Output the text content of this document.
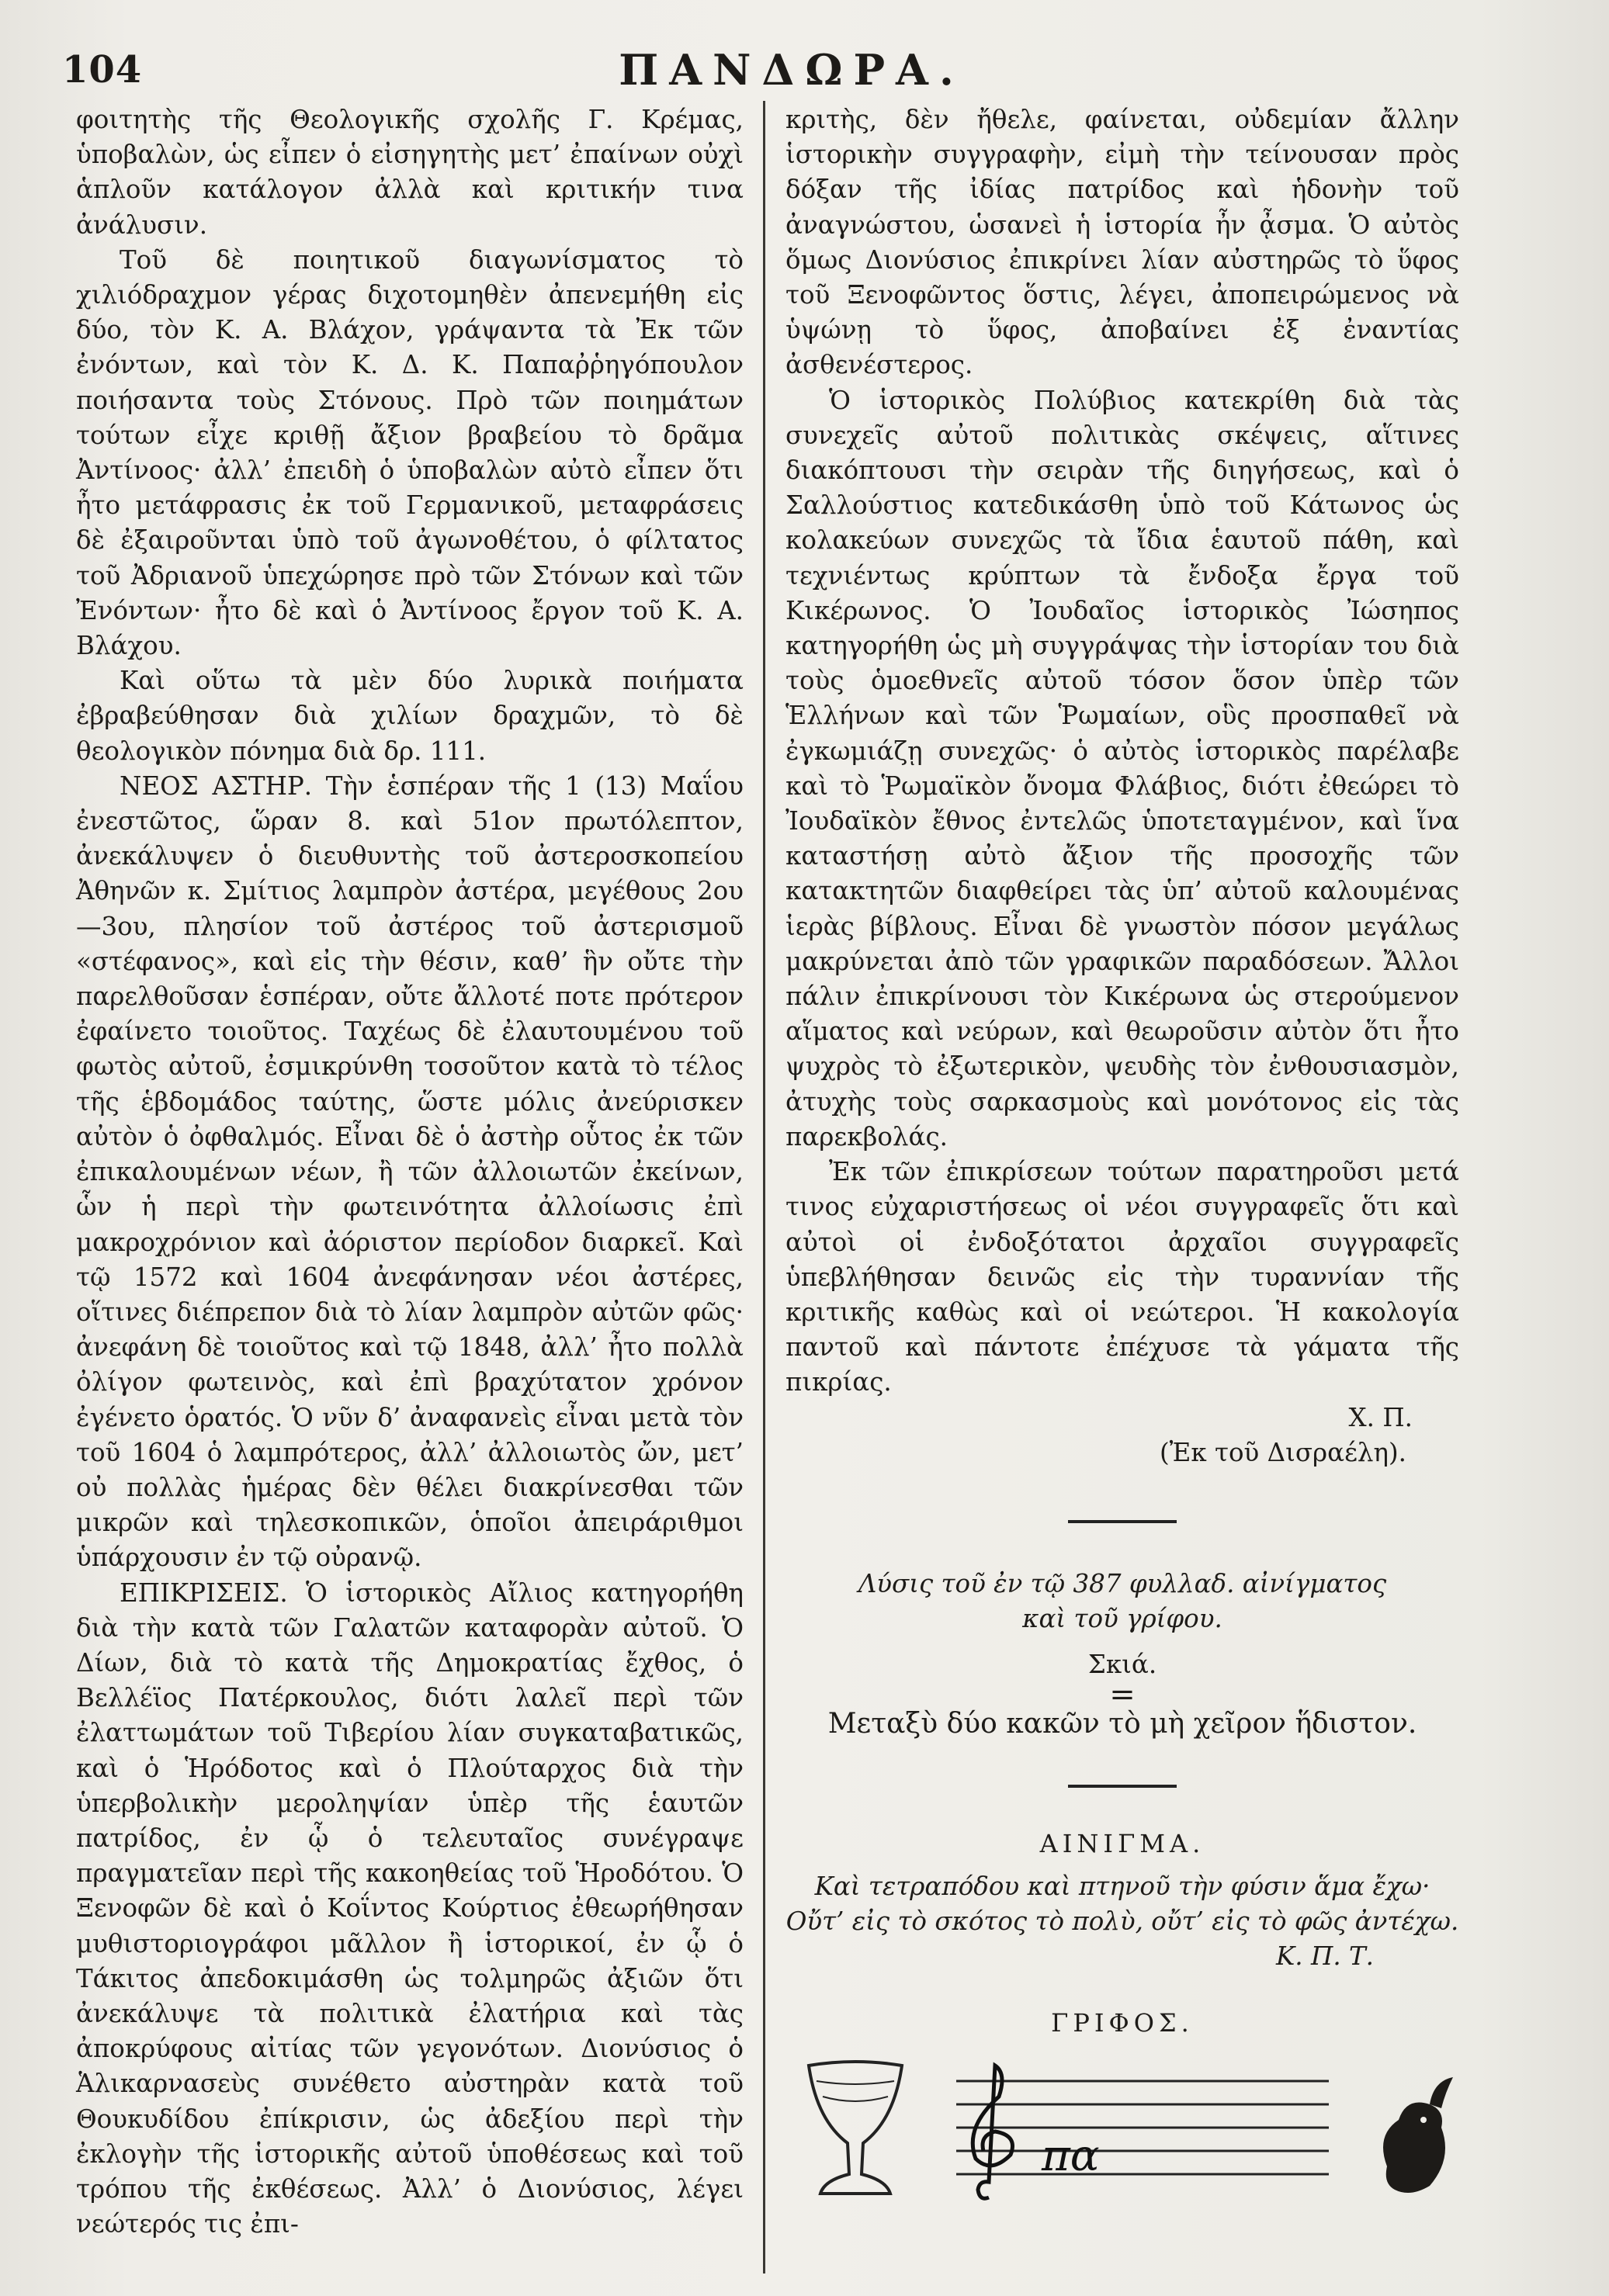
104	ΠΑΝΔΩΡΑ.

φοιτητὴς τῆς Θεολογικῆς σχολῆς Γ. Κρέμας, ὑποβαλὼν, ὡς εἶπεν ὁ εἰσηγητὴς μετ’ ἐπαίνων οὐχὶ ἁπλοῦν κατάλογον ἀλλὰ καὶ κριτικήν τινα ἀνάλυσιν.

Τοῦ δὲ ποιητικοῦ διαγωνίσματος τὸ χιλιόδραχμον γέρας διχοτομηθὲν ἀπενεμήθη εἰς δύο, τὸν Κ. Α. Βλάχον, γράψαντα τὰ Ἐκ τῶν ἐνόντων, καὶ τὸν Κ. Δ. Κ. Παπαῤῥηγόπουλον ποιήσαντα τοὺς Στόνους. Πρὸ τῶν ποιημάτων τούτων εἶχε κριθῇ ἄξιον βραβείου τὸ δρᾶμα Ἀντίνοος· ἀλλ’ ἐπειδὴ ὁ ὑποβαλὼν αὐτὸ εἶπεν ὅτι ἦτο μετάφρασις ἐκ τοῦ Γερμανικοῦ, μεταφράσεις δὲ ἐξαιροῦνται ὑπὸ τοῦ ἀγωνοθέτου, ὁ φίλτατος τοῦ Ἀδριανοῦ ὑπεχώρησε πρὸ τῶν Στόνων καὶ τῶν Ἐνόντων· ἦτο δὲ καὶ ὁ Ἀντίνοος ἔργον τοῦ Κ. Α. Βλάχου.

Καὶ οὕτω τὰ μὲν δύο λυρικὰ ποιήματα ἐβραβεύθησαν διὰ χιλίων δραχμῶν, τὸ δὲ θεολογικὸν πόνημα διὰ δρ. 111.

ΝΕΟΣ ΑΣΤΗΡ. Τὴν ἑσπέραν τῆς 1 (13) Μαΐου ἐνεστῶτος, ὥραν 8. καὶ 51ον πρωτόλεπτον, ἀνεκάλυψεν ὁ διευθυντὴς τοῦ ἀστεροσκοπείου Ἀθηνῶν κ. Σμίτιος λαμπρὸν ἀστέρα, μεγέθους 2ου—3ου, πλησίον τοῦ ἀστέρος τοῦ ἀστερισμοῦ «στέφανος», καὶ εἰς τὴν θέσιν, καθ’ ἣν οὔτε τὴν παρελθοῦσαν ἑσπέραν, οὔτε ἄλλοτέ ποτε πρότερον ἐφαίνετο τοιοῦτος. Ταχέως δὲ ἐλαυτουμένου τοῦ φωτὸς αὐτοῦ, ἐσμικρύνθη τοσοῦτον κατὰ τὸ τέλος τῆς ἑβδομάδος ταύτης, ὥστε μόλις ἀνεύρισκεν αὐτὸν ὁ ὀφθαλμός. Εἶναι δὲ ὁ ἀστὴρ οὗτος ἐκ τῶν ἐπικαλουμένων νέων, ἢ τῶν ἀλλοιωτῶν ἐκείνων, ὧν ἡ περὶ τὴν φωτεινότητα ἀλλοίωσις ἐπὶ μακροχρόνιον καὶ ἀόριστον περίοδον διαρκεῖ. Καὶ τῷ 1572 καὶ 1604 ἀνεφάνησαν νέοι ἀστέρες, οἵτινες διέπρεπον διὰ τὸ λίαν λαμπρὸν αὐτῶν φῶς· ἀνεφάνη δὲ τοιοῦτος καὶ τῷ 1848, ἀλλ’ ἦτο πολλὰ ὀλίγον φωτεινὸς, καὶ ἐπὶ βραχύτατον χρόνον ἐγένετο ὁρατός. Ὁ νῦν δ’ ἀναφανεὶς εἶναι μετὰ τὸν τοῦ 1604 ὁ λαμπρότερος, ἀλλ’ ἀλλοιωτὸς ὤν, μετ’ οὐ πολλὰς ἡμέρας δὲν θέλει διακρίνεσθαι τῶν μικρῶν καὶ τηλεσκοπικῶν, ὁποῖοι ἀπειράριθμοι ὑπάρχουσιν ἐν τῷ οὐρανῷ.

ΕΠΙΚΡΙΣΕΙΣ. Ὁ ἱστορικὸς Αἴλιος κατηγορήθη διὰ τὴν κατὰ τῶν Γαλατῶν καταφορὰν αὐτοῦ. Ὁ Δίων, διὰ τὸ κατὰ τῆς Δημοκρατίας ἔχθος, ὁ Βελλέϊος Πατέρκουλος, διότι λαλεῖ περὶ τῶν ἐλαττωμάτων τοῦ Τιβερίου λίαν συγκαταβατικῶς, καὶ ὁ Ἡρόδοτος καὶ ὁ Πλούταρχος διὰ τὴν ὑπερβολικὴν μεροληψίαν ὑπὲρ τῆς ἑαυτῶν πατρίδος, ἐν ᾧ ὁ τελευταῖος συνέγραψε πραγματεῖαν περὶ τῆς κακοηθείας τοῦ Ἡροδότου. Ὁ Ξενοφῶν δὲ καὶ ὁ Κοΐντος Κούρτιος ἐθεωρήθησαν μυθιστοριογράφοι μᾶλλον ἢ ἱστορικοί, ἐν ᾧ ὁ Τάκιτος ἀπεδοκιμάσθη ὡς τολμηρῶς ἀξιῶν ὅτι ἀνεκάλυψε τὰ πολιτικὰ ἐλατήρια καὶ τὰς ἀποκρύφους αἰτίας τῶν γεγονότων. Διονύσιος ὁ Ἁλικαρνασεὺς συνέθετο αὐστηρὰν κατὰ τοῦ Θουκυδίδου ἐπίκρισιν, ὡς ἀδεξίου περὶ τὴν ἐκλογὴν τῆς ἱστορικῆς αὐτοῦ ὑποθέσεως καὶ τοῦ τρόπου τῆς ἐκθέσεως. Ἀλλ’ ὁ Διονύσιος, λέγει νεώτερός τις ἐπι-

κριτὴς, δὲν ἤθελε, φαίνεται, οὐδεμίαν ἄλλην ἱστορικὴν συγγραφὴν, εἰμὴ τὴν τείνουσαν πρὸς δόξαν τῆς ἰδίας πατρίδος καὶ ἡδονὴν τοῦ ἀναγνώστου, ὡσανεὶ ἡ ἱστορία ἦν ᾆσμα. Ὁ αὐτὸς ὅμως Διονύσιος ἐπικρίνει λίαν αὐστηρῶς τὸ ὕφος τοῦ Ξενοφῶντος ὅστις, λέγει, ἀποπειρώμενος νὰ ὑψώνῃ τὸ ὕφος, ἀποβαίνει ἐξ ἐναντίας ἀσθενέστερος.

Ὁ ἱστορικὸς Πολύβιος κατεκρίθη διὰ τὰς συνεχεῖς αὐτοῦ πολιτικὰς σκέψεις, αἵτινες διακόπτουσι τὴν σειρὰν τῆς διηγήσεως, καὶ ὁ Σαλλούστιος κατεδικάσθη ὑπὸ τοῦ Κάτωνος ὡς κολακεύων συνεχῶς τὰ ἴδια ἑαυτοῦ πάθη, καὶ τεχνιέντως κρύπτων τὰ ἔνδοξα ἔργα τοῦ Κικέρωνος. Ὁ Ἰουδαῖος ἱστορικὸς Ἰώσηπος κατηγορήθη ὡς μὴ συγγράψας τὴν ἱστορίαν του διὰ τοὺς ὁμοεθνεῖς αὐτοῦ τόσον ὅσον ὑπὲρ τῶν Ἑλλήνων καὶ τῶν Ῥωμαίων, οὓς προσπαθεῖ νὰ ἐγκωμιάζῃ συνεχῶς· ὁ αὐτὸς ἱστορικὸς παρέλαβε καὶ τὸ Ῥωμαϊκὸν ὄνομα Φλάβιος, διότι ἐθεώρει τὸ Ἰουδαϊκὸν ἔθνος ἐντελῶς ὑποτεταγμένον, καὶ ἵνα καταστήσῃ αὐτὸ ἄξιον τῆς προσοχῆς τῶν κατακτητῶν διαφθείρει τὰς ὑπ’ αὐτοῦ καλουμένας ἱερὰς βίβλους. Εἶναι δὲ γνωστὸν πόσον μεγάλως μακρύνεται ἀπὸ τῶν γραφικῶν παραδόσεων. Ἄλλοι πάλιν ἐπικρίνουσι τὸν Κικέρωνα ὡς στερούμενον αἵματος καὶ νεύρων, καὶ θεωροῦσιν αὐτὸν ὅτι ἦτο ψυχρὸς τὸ ἐξωτερικὸν, ψευδὴς τὸν ἐνθουσιασμὸν, ἀτυχὴς τοὺς σαρκασμοὺς καὶ μονότονος εἰς τὰς παρεκβολάς.

Ἐκ τῶν ἐπικρίσεων τούτων παρατηροῦσι μετά τινος εὐχαριστήσεως οἱ νέοι συγγραφεῖς ὅτι καὶ αὐτοὶ οἱ ἐνδοξότατοι ἀρχαῖοι συγγραφεῖς ὑπεβλήθησαν δεινῶς εἰς τὴν τυραννίαν τῆς κριτικῆς καθὼς καὶ οἱ νεώτεροι. Ἡ κακολογία παντοῦ καὶ πάντοτε ἐπέχυσε τὰ γάματα τῆς πικρίας.

Χ. Π.

(Ἐκ τοῦ Δισραέλη).

Λύσις τοῦ ἐν τῷ 387 φυλλαδ. αἰνίγματος

καὶ τοῦ γρίφου.

Σκιά.

=

Μεταξὺ δύο κακῶν τὸ μὴ χεῖρον ἥδιστον.

ΑΙΝΙΓΜΑ.

Καὶ τετραπόδου καὶ πτηνοῦ τὴν φύσιν ἅμα ἔχω·

Οὔτ’ εἰς τὸ σκότος τὸ πολὺ, οὔτ’ εἰς τὸ φῶς ἀντέχω.

Κ. Π. Τ.

ΓΡΙΦΟΣ.

πα
